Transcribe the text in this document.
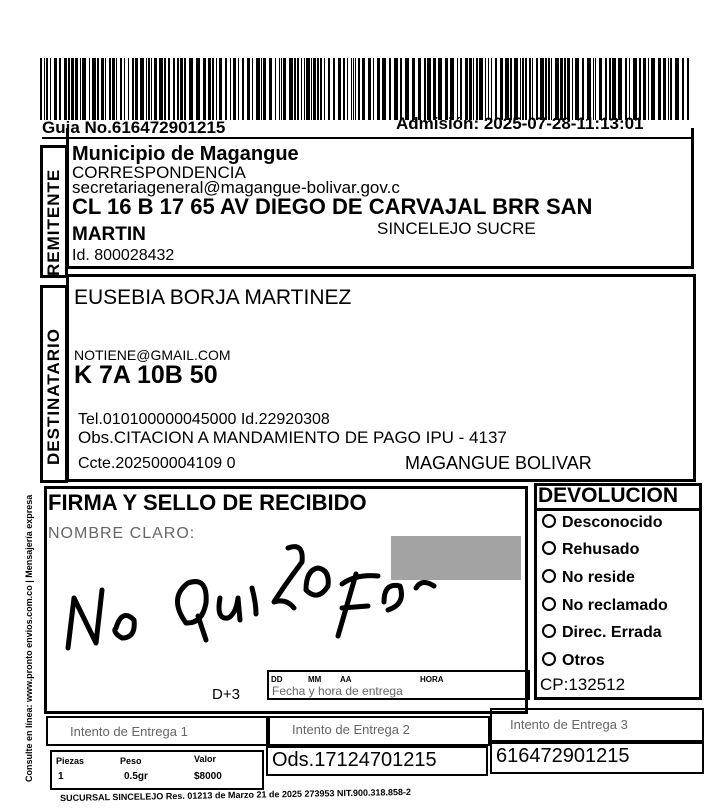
Guia No.616472901215	Admisión: 2025-07-28-11:13:01
REMITENTE
Municipio de Magangue
CORRESPONDENCIA
secretariageneral@magangue-bolivar.gov.c
CL 16 B 17 65 AV DIEGO DE CARVAJAL BRR SAN
MARTIN	SINCELEJO SUCRE
Id. 800028432
DESTINATARIO
EUSEBIA BORJA MARTINEZ
NOTIENE@GMAIL.COM
K 7A 10B 50
Tel.010100000045000 Id.22920308
Obs.CITACION A MANDAMIENTO DE PAGO IPU - 4137
Ccte.202500004109 0	MAGANGUE BOLIVAR
Consulte en línea: www.pronto envios.com.co | Mensajería expresa FIRMA Y SELLO DE RECIBIDO
NOMBRE CLARO:
D+3
DD	MM AA	HORA
Fecha y hora de entrega
DEVOLUCION
Desconocido
Rehusado
No reside
No reclamado
Direc. Errada
Otros
CP:132512
Intento de Entrega 1	Intento de Entrega 2	Intento de Entrega 3
Piezas	Peso	Valor
1	0.5gr	$8000
Ods.17124701215	616472901215
SUCURSAL SINCELEJO Res. 01213 de Marzo 21 de 2025 273953 NIT.900.318.858-2
